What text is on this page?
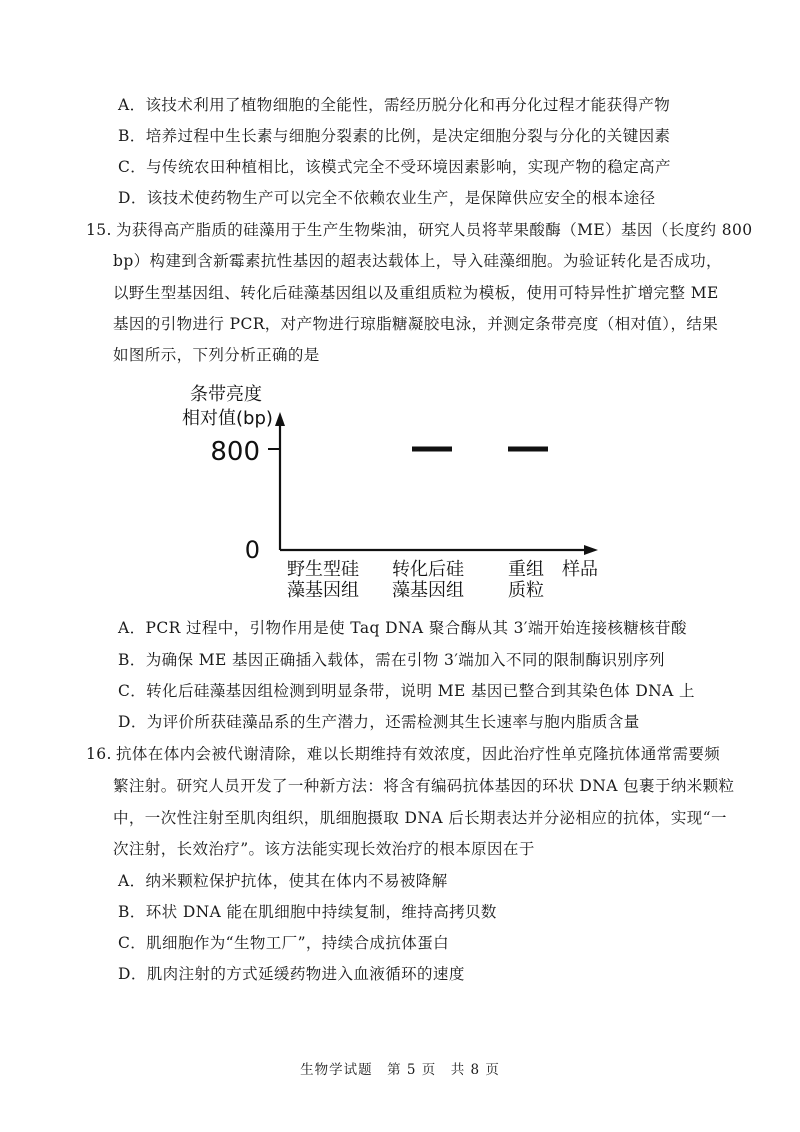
A．该技术利用了植物细胞的全能性，需经历脱分化和再分化过程才能获得产物
B．培养过程中生长素与细胞分裂素的比例，是决定细胞分裂与分化的关键因素
C．与传统农田种植相比，该模式完全不受环境因素影响，实现产物的稳定高产
D．该技术使药物生产可以完全不依赖农业生产，是保障供应安全的根本途径
15. 为获得高产脂质的硅藻用于生产生物柴油，研究人员将苹果酸酶（ME）基因（长度约 800
bp）构建到含新霉素抗性基因的超表达载体上，导入硅藻细胞。为验证转化是否成功，
以野生型基因组、转化后硅藻基因组以及重组质粒为模板，使用可特异性扩增完整 ME
基因的引物进行 PCR，对产物进行琼脂糖凝胶电泳，并测定条带亮度（相对值），结果
如图所示，下列分析正确的是
条带亮度
相对值(bp)
800
0
野生型硅
藻基因组
转化后硅
藻基因组
重组
质粒
样品
A．PCR 过程中，引物作用是使 Taq DNA 聚合酶从其 3′端开始连接核糖核苷酸
B．为确保 ME 基因正确插入载体，需在引物 3′端加入不同的限制酶识别序列
C．转化后硅藻基因组检测到明显条带，说明 ME 基因已整合到其染色体 DNA 上
D．为评价所获硅藻品系的生产潜力，还需检测其生长速率与胞内脂质含量
16. 抗体在体内会被代谢清除，难以长期维持有效浓度，因此治疗性单克隆抗体通常需要频
繁注射。研究人员开发了一种新方法：将含有编码抗体基因的环状 DNA 包裹于纳米颗粒
中，一次性注射至肌肉组织，肌细胞摄取 DNA 后长期表达并分泌相应的抗体，实现“一
次注射，长效治疗”。该方法能实现长效治疗的根本原因在于
A．纳米颗粒保护抗体，使其在体内不易被降解
B．环状 DNA 能在肌细胞中持续复制，维持高拷贝数
C．肌细胞作为“生物工厂”，持续合成抗体蛋白
D．肌肉注射的方式延缓药物进入血液循环的速度
生物学试题　第 5 页　共 8 页
